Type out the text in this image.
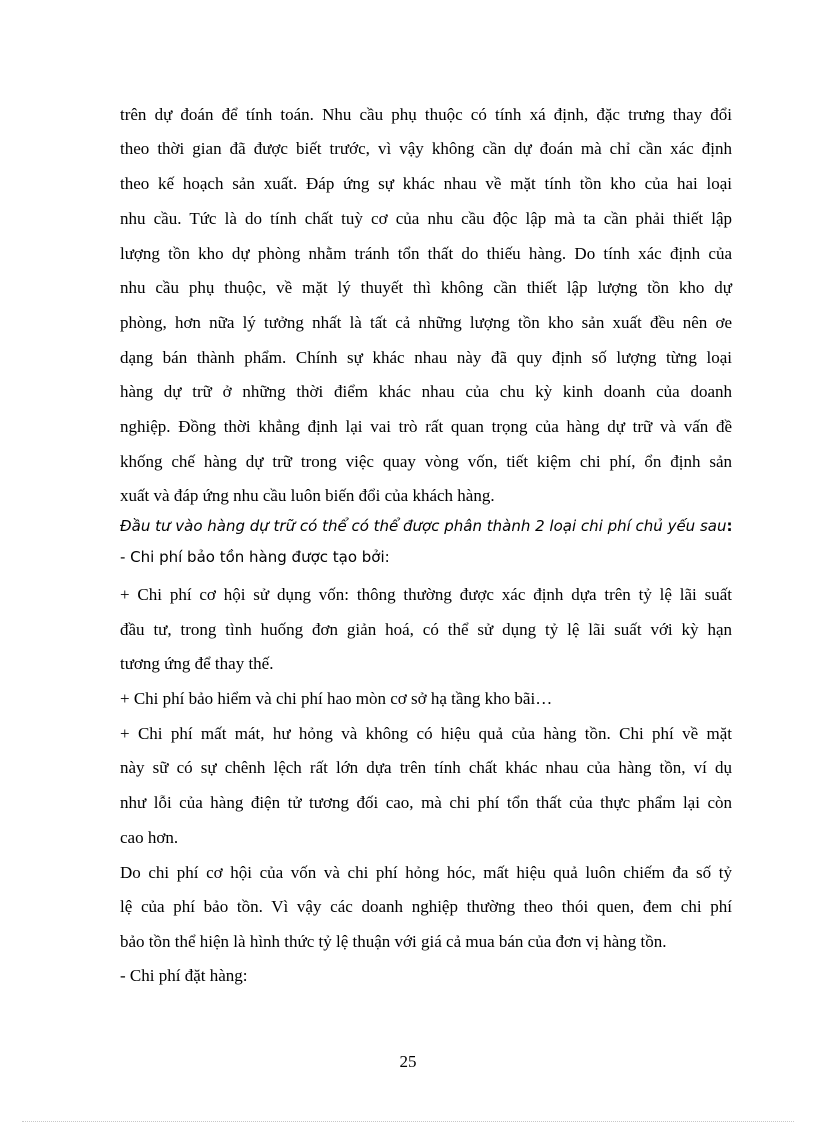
trên dự đoán để tính toán. Nhu cầu phụ thuộc có tính xá định, đặc trưng thay đổi
theo thời gian đã được biết trước, vì vậy không cần dự đoán mà chỉ cần xác định
theo kế hoạch sản xuất. Đáp ứng sự khác nhau về mặt tính tồn kho của hai loại
nhu cầu. Tức là do tính chất tuỳ cơ của nhu cầu độc lập mà ta cần phải thiết lập
lượng tồn kho dự phòng nhằm tránh tổn thất do thiếu hàng. Do tính xác định của
nhu cầu phụ thuộc, về mặt lý thuyết thì không cần thiết lập lượng tồn kho dự
phòng, hơn nữa lý tưởng nhất là tất cả những lượng tồn kho sản xuất đều nên ơe
dạng bán thành phẩm. Chính sự khác nhau này đã quy định số lượng từng loại
hàng dự trữ ở những thời điểm khác nhau của chu kỳ kinh doanh của doanh
nghiệp. Đồng thời khẳng định lại vai trò rất quan trọng của hàng dự trữ và vấn đề
khống chế hàng dự trữ trong việc quay vòng vốn, tiết kiệm chi phí, ổn định sản
xuất và đáp ứng nhu cầu luôn biến đổi của khách hàng.
Đầu tư vào hàng dự trữ có thể có thể được phân thành 2 loại chi phí chủ yếu sau:
- Chi phí bảo tồn hàng được tạo bởi:
+ Chi phí cơ hội sử dụng vốn: thông thường được xác định dựa trên tỷ lệ lãi suất
đầu tư, trong tình huống đơn giản hoá, có thể sử dụng tỷ lệ lãi suất với kỳ hạn
tương ứng để thay thế.
+ Chi phí bảo hiểm và chi phí hao mòn cơ sở hạ tầng kho bãi…
+ Chi phí mất mát, hư hỏng và không có hiệu quả của hàng tồn. Chi phí về mặt
này sữ có sự chênh lệch rất lớn dựa trên tính chất khác nhau của hàng tồn, ví dụ
như lỗi của hàng điện tử tương đối cao, mà chi phí tổn thất của thực phẩm lại còn
cao hơn.
Do chi phí cơ hội của vốn và chi phí hỏng hóc, mất hiệu quả luôn chiếm đa số tỷ
lệ của phí bảo tồn. Vì vậy các doanh nghiệp thường theo thói quen, đem chi phí
bảo tồn thể hiện là hình thức tỷ lệ thuận với giá cả mua bán của đơn vị hàng tồn.
- Chi phí đặt hàng:
25
